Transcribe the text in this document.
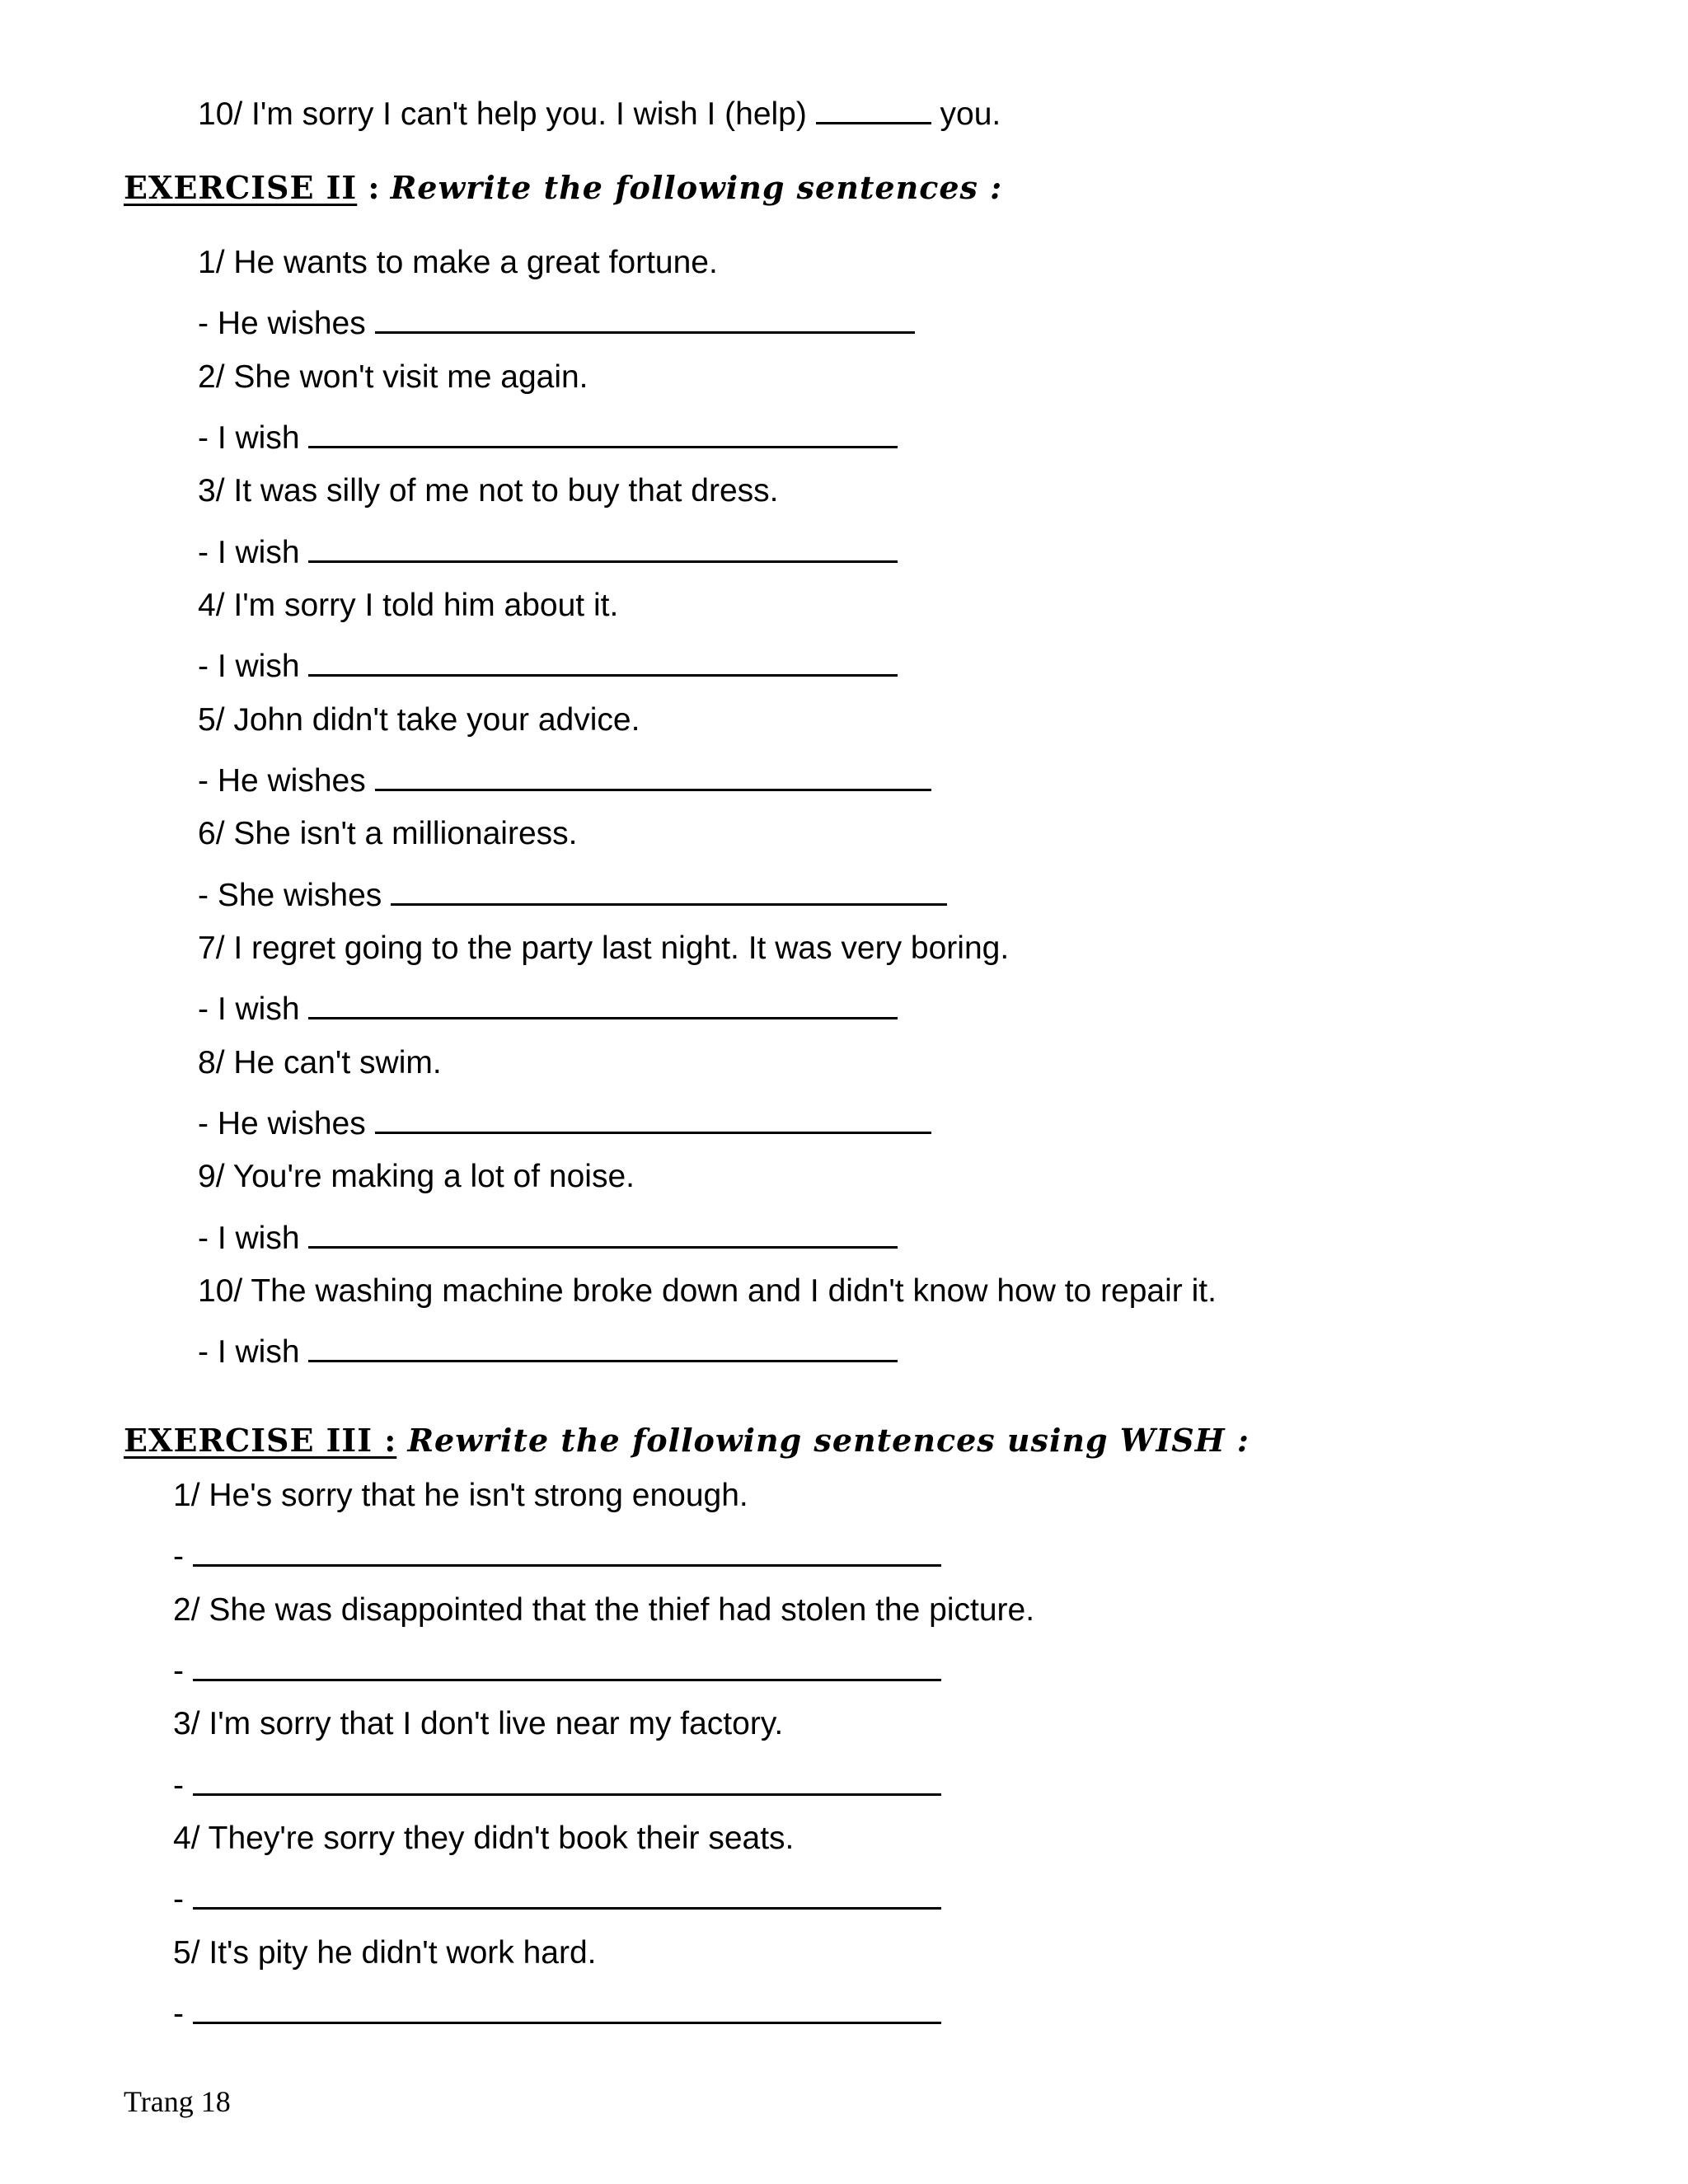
10/ I'm sorry I can't help you. I wish I (help)	you.
EXERCISE II : Rewrite the following sentences :
1/ He wants to make a great fortune.
- He wishes
2/ She won't visit me again.
- I wish
3/ It was silly of me not to buy that dress.
- I wish
4/ I'm sorry I told him about it.
- I wish
5/ John didn't take your advice.
- He wishes
6/ She isn't a millionairess.
- She wishes
7/ I regret going to the party last night. It was very boring.
- I wish
8/ He can't swim.
- He wishes
9/ You're making a lot of noise.
- I wish
10/ The washing machine broke down and I didn't know how to repair it.
- I wish
EXERCISE III : Rewrite the following sentences using WISH :
1/ He's sorry that he isn't strong enough.
-
2/ She was disappointed that the thief had stolen the picture.
-
3/ I'm sorry that I don't live near my factory.
-
4/ They're sorry they didn't book their seats.
-
5/ It's pity he didn't work hard.
-
Trang 18
